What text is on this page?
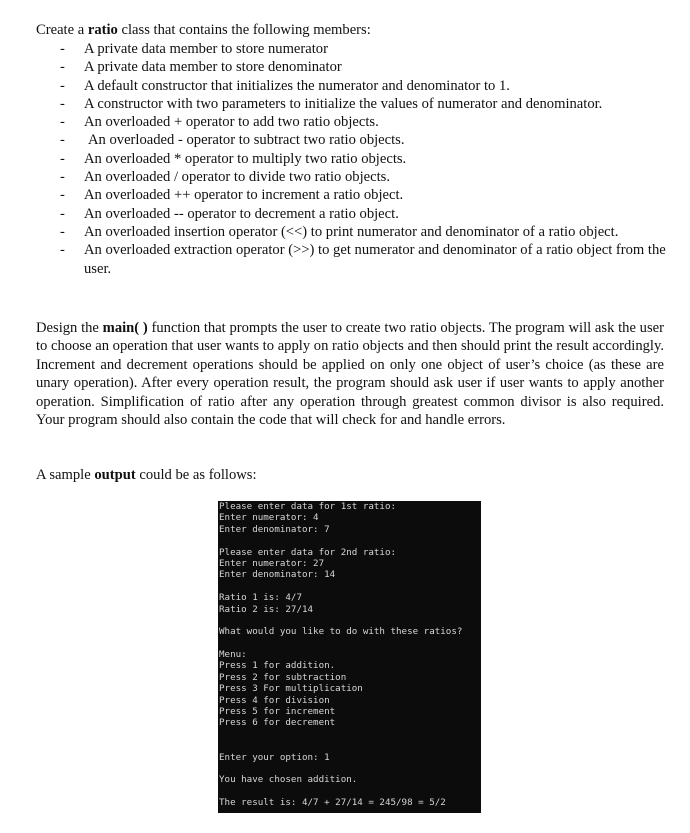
Create a ratio class that contains the following members:
- A private data member to store numerator
- A private data member to store denominator
- A default constructor that initializes the numerator and denominator to 1.
- A constructor with two parameters to initialize the values of numerator and denominator.
- An overloaded + operator to add two ratio objects.
- An overloaded - operator to subtract two ratio objects.
- An overloaded * operator to multiply two ratio objects.
- An overloaded / operator to divide two ratio objects.
- An overloaded ++ operator to increment a ratio object.
- An overloaded -- operator to decrement a ratio object.
- An overloaded insertion operator (<<) to print numerator and denominator of a ratio object.
- An overloaded extraction operator (>>) to get numerator and denominator of a ratio object from the user.
Design the main( ) function that prompts the user to create two ratio objects. The program will ask the user to choose an operation that user wants to apply on ratio objects and then should print the result accordingly. Increment and decrement operations should be applied on only one object of user’s choice (as these are unary operation). After every operation result, the program should ask user if user wants to apply another operation. Simplification of ratio after any operation through greatest common divisor is also required. Your program should also contain the code that will check for and handle errors.
A sample output could be as follows:
Please enter data for 1st ratio:
Enter numerator: 4
Enter denominator: 7
Please enter data for 2nd ratio:
Enter numerator: 27
Enter denominator: 14
Ratio 1 is: 4/7
Ratio 2 is: 27/14
What would you like to do with these ratios?
Menu:
Press 1 for addition.
Press 2 for subtraction
Press 3 For multiplication
Press 4 for division
Press 5 for increment
Press 6 for decrement
Enter your option: 1
You have chosen addition.
The result is: 4/7 + 27/14 = 245/98 = 5/2
